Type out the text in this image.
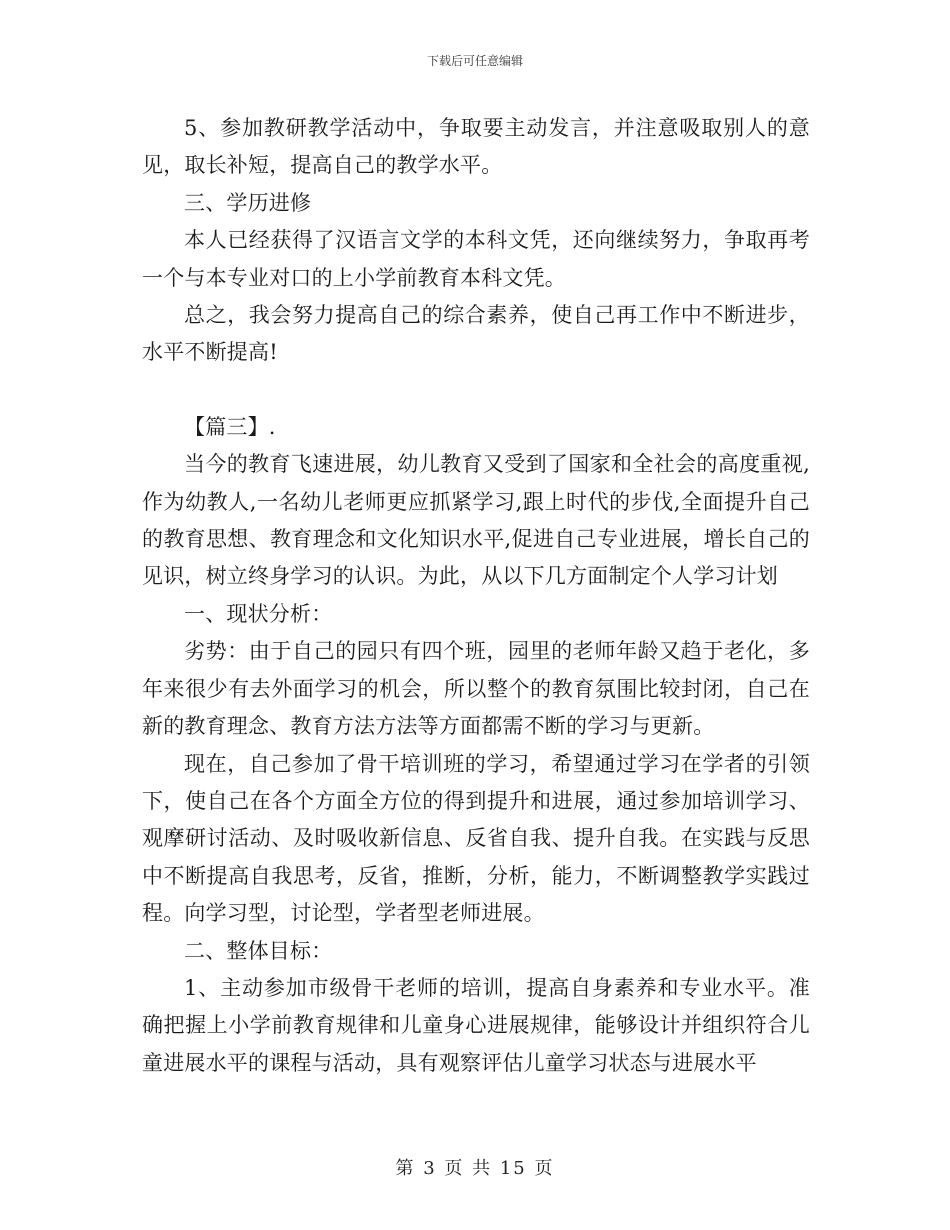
下载后可任意编辑

5、参加教研教学活动中，争取要主动发言，并注意吸取别人的意见，取长补短，提高自己的教学水平。

三、学历进修

本人已经获得了汉语言文学的本科文凭，还向继续努力，争取再考一个与本专业对口的上小学前教育本科文凭。

总之，我会努力提高自己的综合素养，使自己再工作中不断进步，水平不断提高!

【篇三】.

当今的教育飞速进展，幼儿教育又受到了国家和全社会的高度重视,作为幼教人,一名幼儿老师更应抓紧学习,跟上时代的步伐,全面提升自己的教育思想、教育理念和文化知识水平,促进自己专业进展，增长自己的见识，树立终身学习的认识。为此，从以下几方面制定个人学习计划

一、现状分析：

劣势：由于自己的园只有四个班，园里的老师年龄又趋于老化，多年来很少有去外面学习的机会，所以整个的教育氛围比较封闭，自己在新的教育理念、教育方法方法等方面都需不断的学习与更新。

现在，自己参加了骨干培训班的学习，希望通过学习在学者的引领下，使自己在各个方面全方位的得到提升和进展，通过参加培训学习、观摩研讨活动、及时吸收新信息、反省自我、提升自我。在实践与反思中不断提高自我思考，反省，推断，分析，能力，不断调整教学实践过程。向学习型，讨论型，学者型老师进展。

二、整体目标：

1、主动参加市级骨干老师的培训，提高自身素养和专业水平。准确把握上小学前教育规律和儿童身心进展规律，能够设计并组织符合儿童进展水平的课程与活动，具有观察评估儿童学习状态与进展水平

第 3 页 共 15 页
